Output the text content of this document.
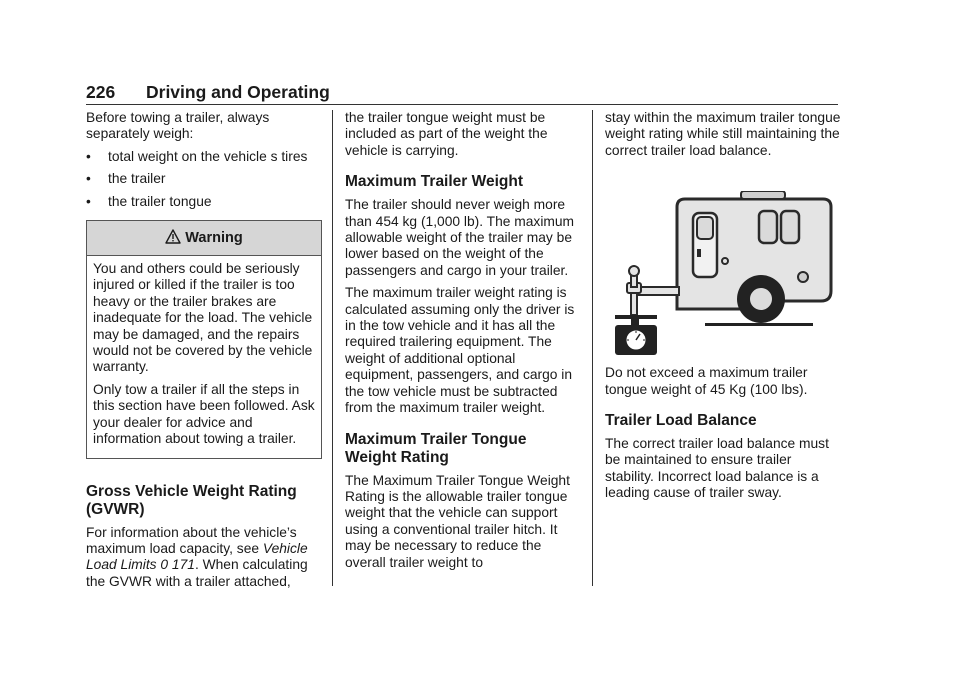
226 Driving and Operating

Before towing a trailer, always separately weigh:

•	total weight on the vehicle s tires
•	the trailer
•	the trailer tongue
Warning

You and others could be seriously injured or killed if the trailer is too heavy or the trailer brakes are inadequate for the load. The vehicle may be damaged, and the repairs would not be covered by the vehicle warranty.

Only tow a trailer if all the steps in this section have been followed. Ask your dealer for advice and information about towing a trailer.

Gross Vehicle Weight Rating (GVWR)

For information about the vehicle’s maximum load capacity, see Vehicle Load Limits 0 171. When calculating the GVWR with a trailer attached,

the trailer tongue weight must be included as part of the weight the vehicle is carrying.

Maximum Trailer Weight

The trailer should never weigh more than 454 kg (1,000 lb). The maximum allowable weight of the trailer may be lower based on the weight of the passengers and cargo in your trailer.

The maximum trailer weight rating is calculated assuming only the driver is in the tow vehicle and it has all the required trailering equipment. The weight of additional optional equipment, passengers, and cargo in the tow vehicle must be subtracted from the maximum trailer weight.

Maximum Trailer Tongue Weight Rating

The Maximum Trailer Tongue Weight Rating is the allowable trailer tongue weight that the vehicle can support using a conventional trailer hitch. It may be necessary to reduce the overall trailer weight to

stay within the maximum trailer tongue weight rating while still maintaining the correct trailer load balance.

Do not exceed a maximum trailer tongue weight of 45 Kg (100 lbs).

Trailer Load Balance

The correct trailer load balance must be maintained to ensure trailer stability. Incorrect load balance is a leading cause of trailer sway.
